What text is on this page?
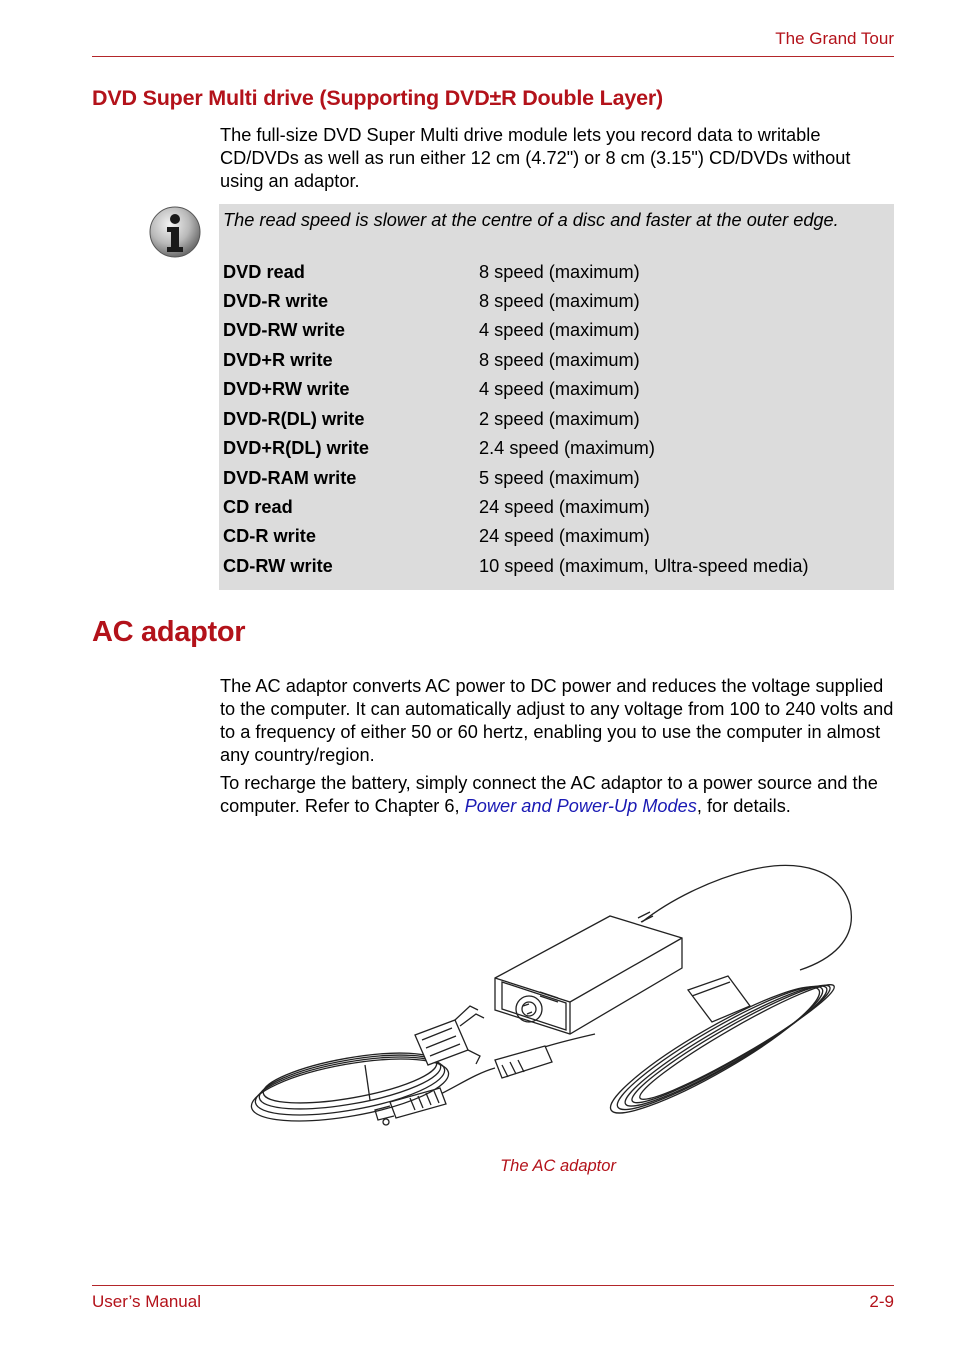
The Grand Tour
DVD Super Multi drive (Supporting DVD±R Double Layer)
The full-size DVD Super Multi drive module lets you record data to writable CD/DVDs as well as run either 12 cm (4.72") or 8 cm (3.15") CD/DVDs without using an adaptor.
The read speed is slower at the centre of a disc and faster at the outer edge.
DVD read	8 speed (maximum)
DVD-R write	8 speed (maximum)
DVD-RW write	4 speed (maximum)
DVD+R write	8 speed (maximum)
DVD+RW write	4 speed (maximum)
DVD-R(DL) write	2 speed (maximum)
DVD+R(DL) write	2.4 speed (maximum)
DVD-RAM write	5 speed (maximum)
CD read	24 speed (maximum)
CD-R write	24 speed (maximum)
CD-RW write	10 speed (maximum, Ultra-speed media)
AC adaptor
The AC adaptor converts AC power to DC power and reduces the voltage supplied to the computer. It can automatically adjust to any voltage from 100 to 240 volts and to a frequency of either 50 or 60 hertz, enabling you to use the computer in almost any country/region.
To recharge the battery, simply connect the AC adaptor to a power source and the computer. Refer to Chapter 6, Power and Power-Up Modes, for details.
The AC adaptor
User’s Manual	2-9
